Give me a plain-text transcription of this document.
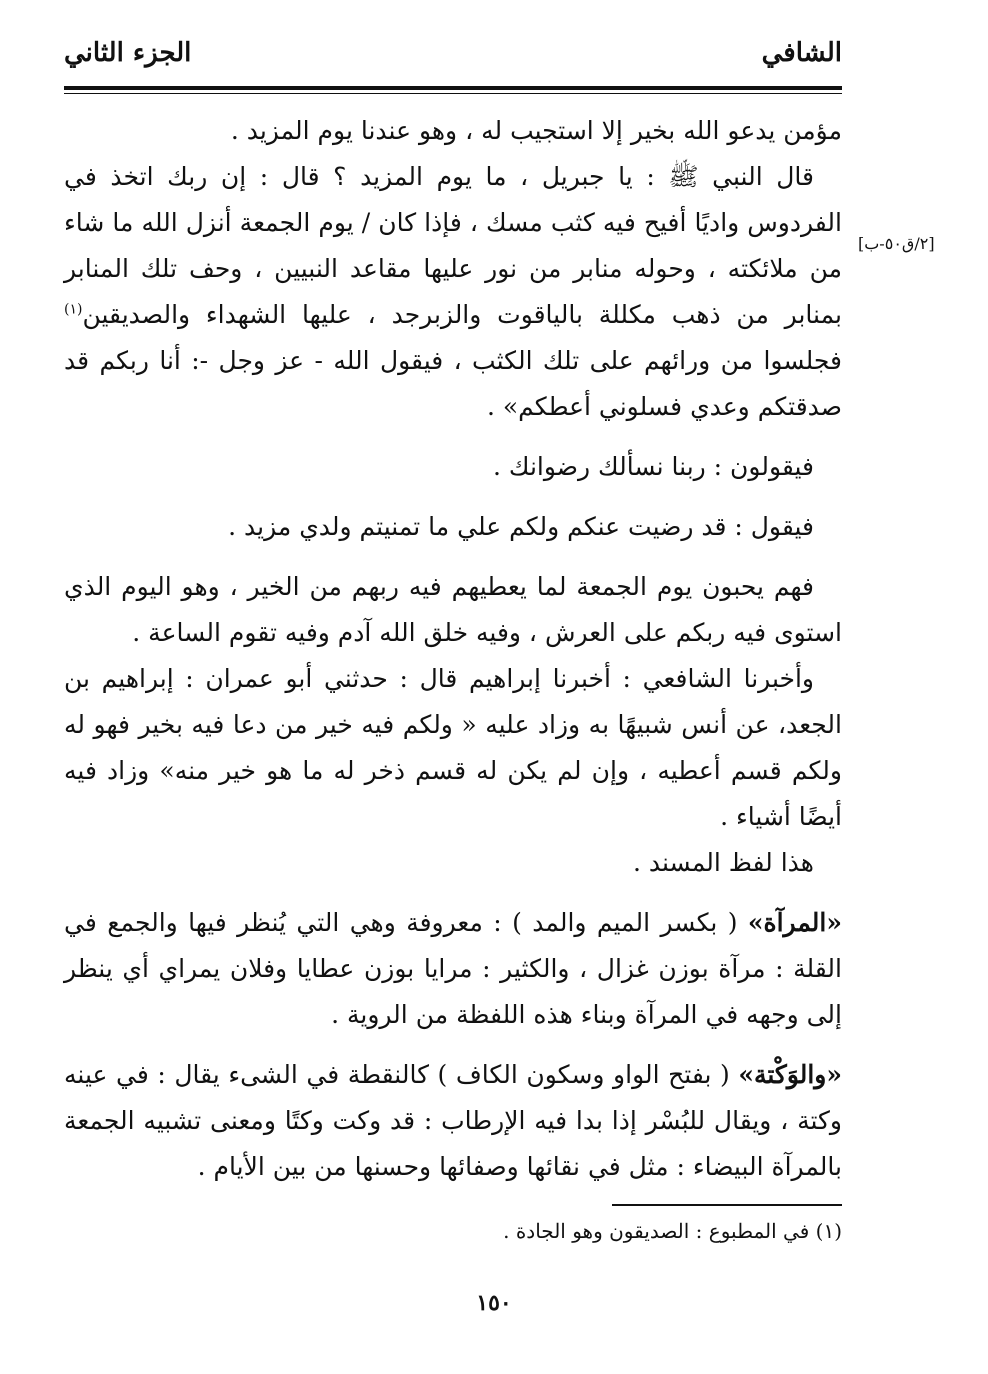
الشافي
الجزء الثاني
[٢/ق٥٠-ب]

مؤمن يدعو الله بخير إلا استجيب له ، وهو عندنا يوم المزيد .

قال النبي ﷺ : يا جبريل ، ما يوم المزيد ؟ قال : إن ربك اتخذ في الفردوس واديًا أفيح فيه كثب مسك ، فإذا كان / يوم الجمعة أنزل الله ما شاء من ملائكته ، وحوله منابر من نور عليها مقاعد النبيين ، وحف تلك المنابر بمنابر من ذهب مكللة بالياقوت والزبرجد ، عليها الشهداء والصديقين$^{(١)}$ فجلسوا من ورائهم على تلك الكثب ، فيقول الله - عز وجل -: أنا ربكم قد صدقتكم وعدي فسلوني أعطكم» .

فيقولون : ربنا نسألك رضوانك .

فيقول : قد رضيت عنكم ولكم علي ما تمنيتم ولدي مزيد .

فهم يحبون يوم الجمعة لما يعطيهم فيه ربهم من الخير ، وهو اليوم الذي استوى فيه ربكم على العرش ، وفيه خلق الله آدم وفيه تقوم الساعة .

وأخبرنا الشافعي : أخبرنا إبراهيم قال : حدثني أبو عمران : إبراهيم بن الجعد، عن أنس شبيهًا به وزاد عليه « ولكم فيه خير من دعا فيه بخير فهو له ولكم قسم أعطيه ، وإن لم يكن له قسم ذخر له ما هو خير منه» وزاد فيه أيضًا أشياء .

هذا لفظ المسند .

«المرآة» ( بكسر الميم والمد ) : معروفة وهي التي يُنظر فيها والجمع في القلة : مرآة بوزن غزال ، والكثير : مرايا بوزن عطايا وفلان يمراي أي ينظر إلى وجهه في المرآة وبناء هذه اللفظة من الروية .

«والوَكْتة» ( بفتح الواو وسكون الكاف ) كالنقطة في الشىء يقال : في عينه وكتة ، ويقال للبُسْر إذا بدا فيه الإرطاب : قد وكت وكتًا ومعنى تشبيه الجمعة بالمرآة البيضاء : مثل في نقائها وصفائها وحسنها من بين الأيام .

(١) في المطبوع : الصديقون وهو الجادة .
١٥٠
